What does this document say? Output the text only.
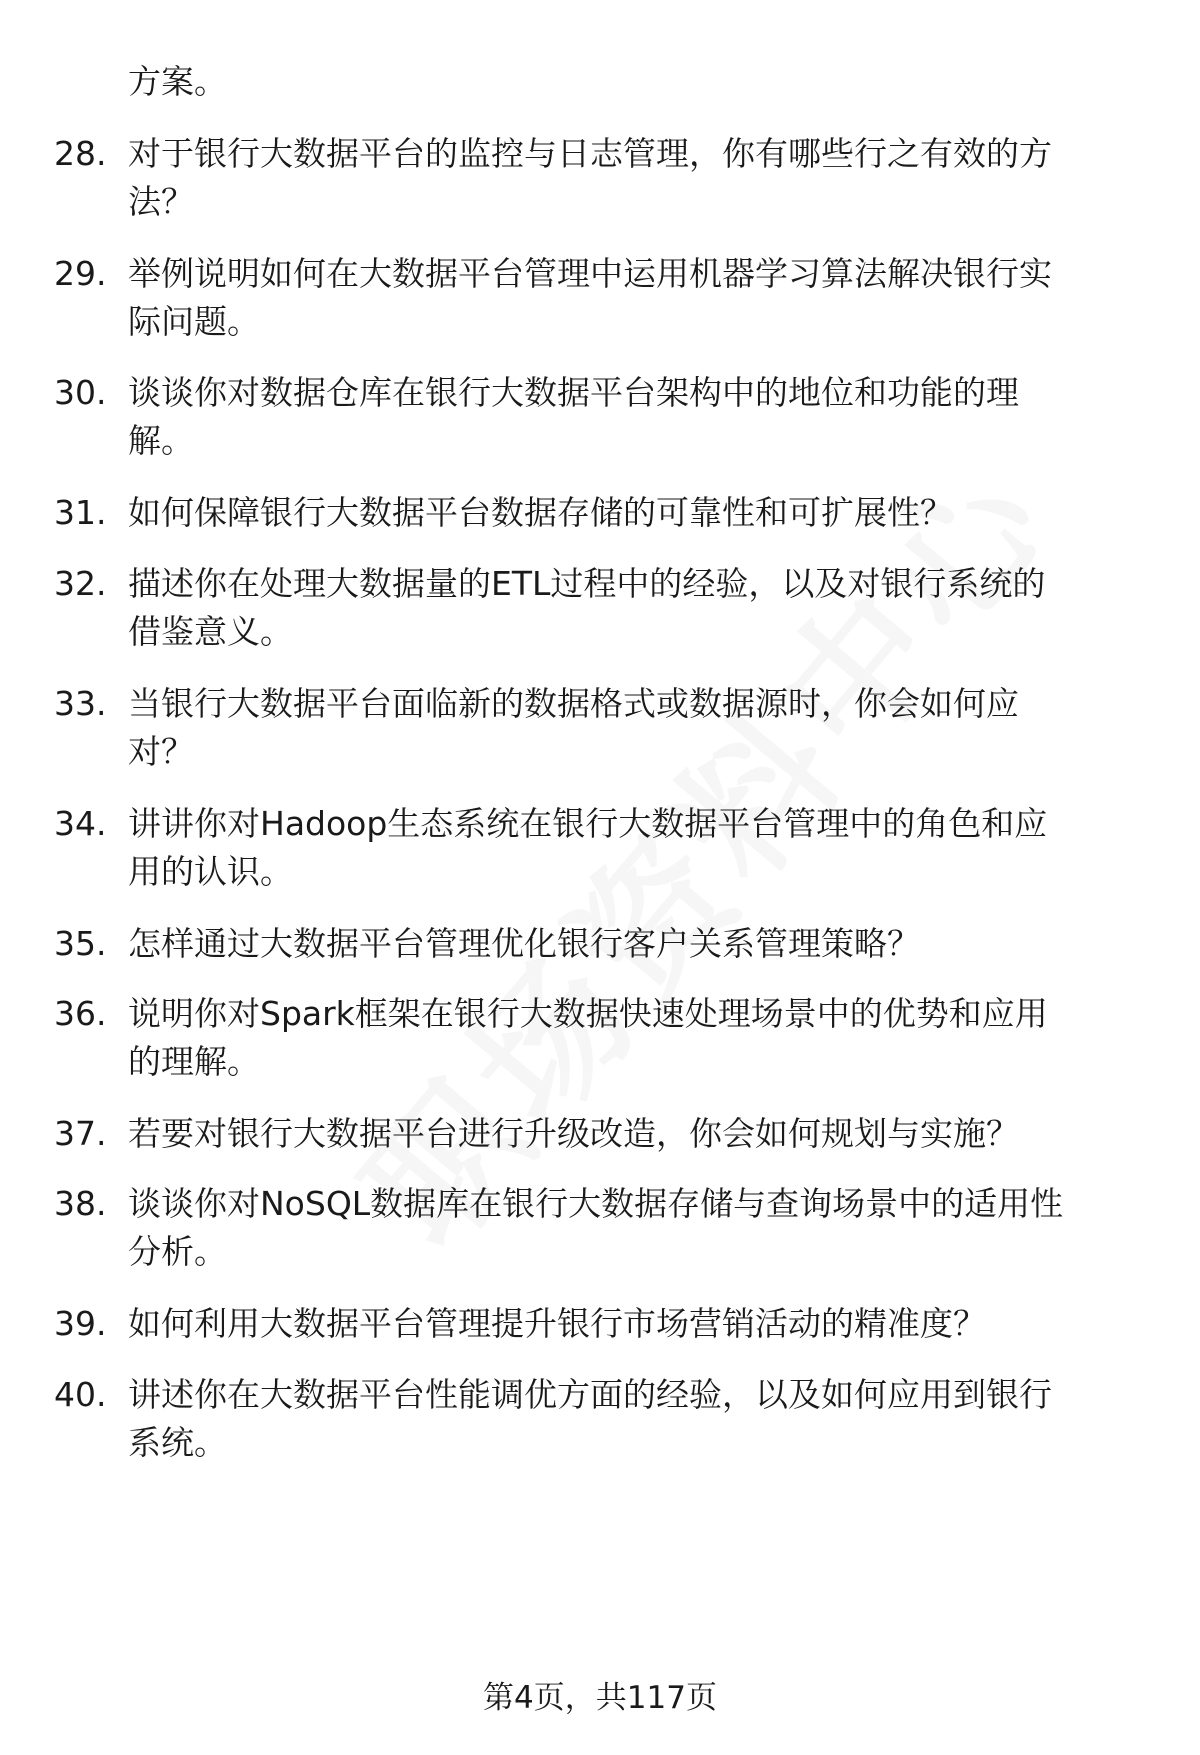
方案。

28. 对于银行大数据平台的监控与日志管理，你有哪些行之有效的方
法？

29. 举例说明如何在大数据平台管理中运用机器学习算法解决银行实
际问题。

30. 谈谈你对数据仓库在银行大数据平台架构中的地位和功能的理
解。

31. 如何保障银行大数据平台数据存储的可靠性和可扩展性？

32. 描述你在处理大数据量的ETL过程中的经验，以及对银行系统的
借鉴意义。

33. 当银行大数据平台面临新的数据格式或数据源时，你会如何应
对？

34. 讲讲你对Hadoop生态系统在银行大数据平台管理中的角色和应
用的认识。

35. 怎样通过大数据平台管理优化银行客户关系管理策略？

36. 说明你对Spark框架在银行大数据快速处理场景中的优势和应用
的理解。

37. 若要对银行大数据平台进行升级改造，你会如何规划与实施？

38. 谈谈你对NoSQL数据库在银行大数据存储与查询场景中的适用性
分析。

39. 如何利用大数据平台管理提升银行市场营销活动的精准度？

40. 讲述你在大数据平台性能调优方面的经验，以及如何应用到银行
系统。

第4页，共117页
